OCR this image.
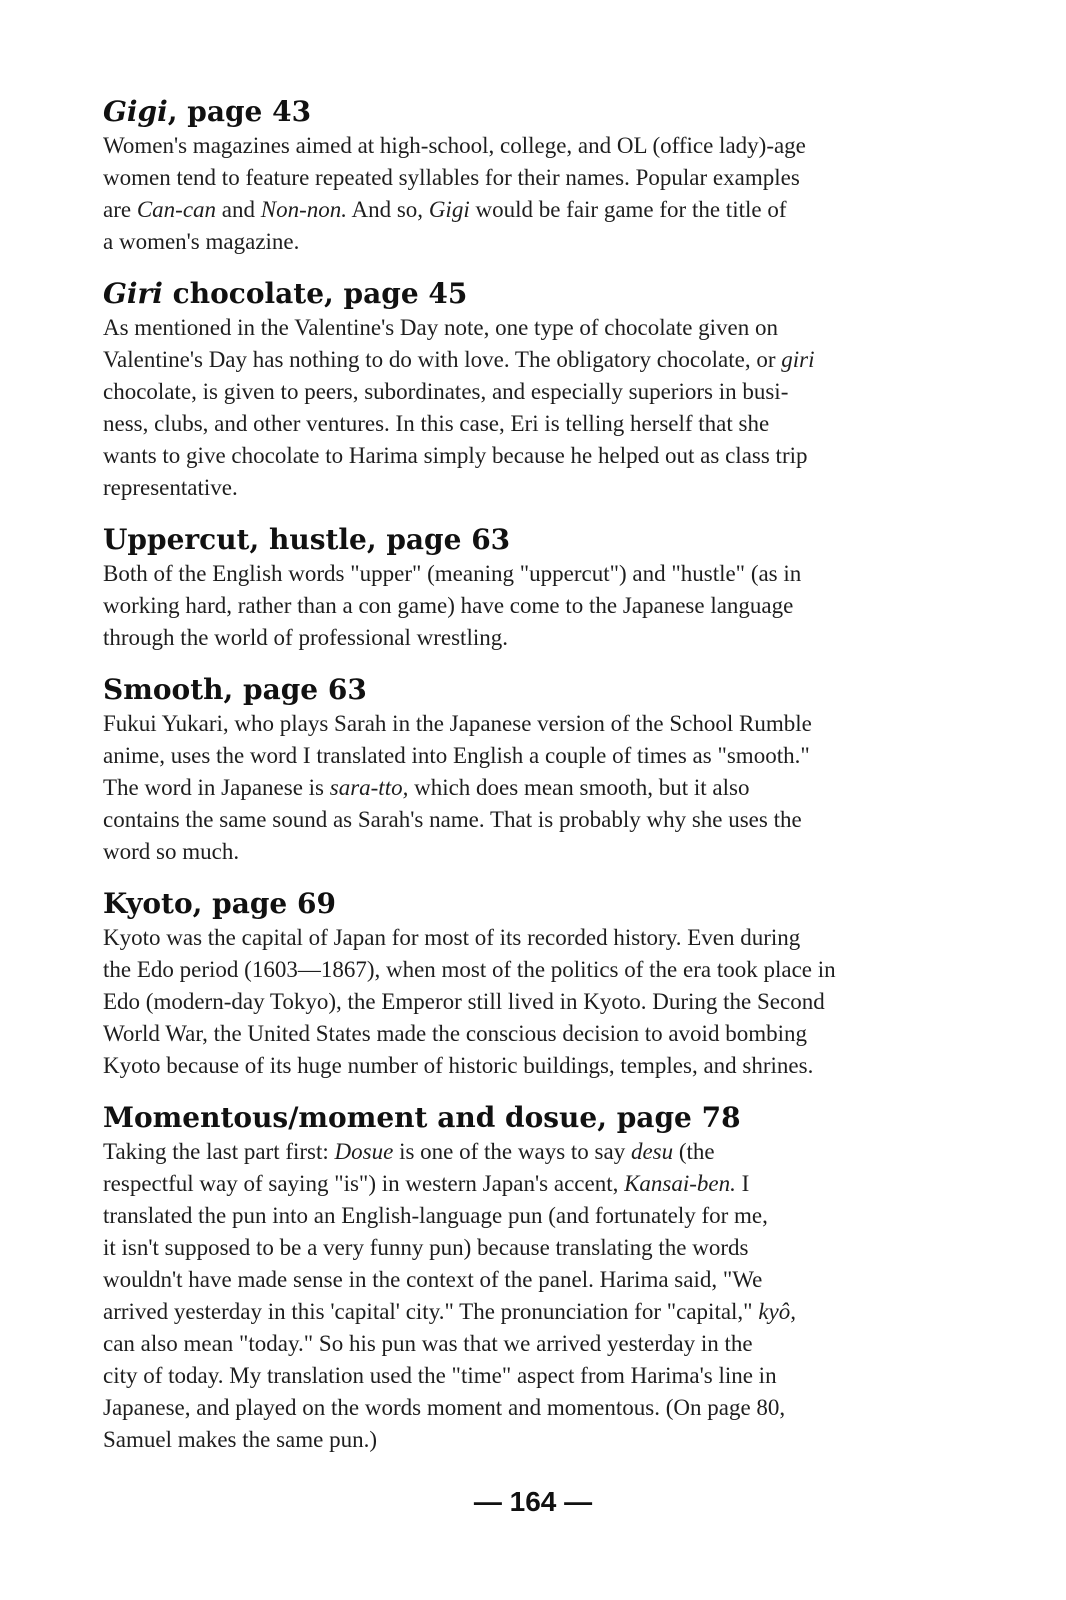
Gigi, page 43

Women's magazines aimed at high-school, college, and OL (office lady)-age
women tend to feature repeated syllables for their names. Popular examples
are Can-can and Non-non. And so, Gigi would be fair game for the title of
a women's magazine.

Giri chocolate, page 45

As mentioned in the Valentine's Day note, one type of chocolate given on
Valentine's Day has nothing to do with love. The obligatory chocolate, or giri
chocolate, is given to peers, subordinates, and especially superiors in busi-
ness, clubs, and other ventures. In this case, Eri is telling herself that she
wants to give chocolate to Harima simply because he helped out as class trip
representative.

Uppercut, hustle, page 63

Both of the English words "upper" (meaning "uppercut") and "hustle" (as in
working hard, rather than a con game) have come to the Japanese language
through the world of professional wrestling.

Smooth, page 63

Fukui Yukari, who plays Sarah in the Japanese version of the School Rumble
anime, uses the word I translated into English a couple of times as "smooth."
The word in Japanese is sara-tto, which does mean smooth, but it also
contains the same sound as Sarah's name. That is probably why she uses the
word so much.

Kyoto, page 69

Kyoto was the capital of Japan for most of its recorded history. Even during
the Edo period (1603—1867), when most of the politics of the era took place in
Edo (modern-day Tokyo), the Emperor still lived in Kyoto. During the Second
World War, the United States made the conscious decision to avoid bombing
Kyoto because of its huge number of historic buildings, temples, and shrines.

Momentous/moment and dosue, page 78

Taking the last part first: Dosue is one of the ways to say desu (the
respectful way of saying "is") in western Japan's accent, Kansai-ben. I
translated the pun into an English-language pun (and fortunately for me,
it isn't supposed to be a very funny pun) because translating the words
wouldn't have made sense in the context of the panel. Harima said, "We
arrived yesterday in this 'capital' city." The pronunciation for "capital," kyô,
can also mean "today." So his pun was that we arrived yesterday in the
city of today. My translation used the "time" aspect from Harima's line in
Japanese, and played on the words moment and momentous. (On page 80,
Samuel makes the same pun.)

— 164 —
